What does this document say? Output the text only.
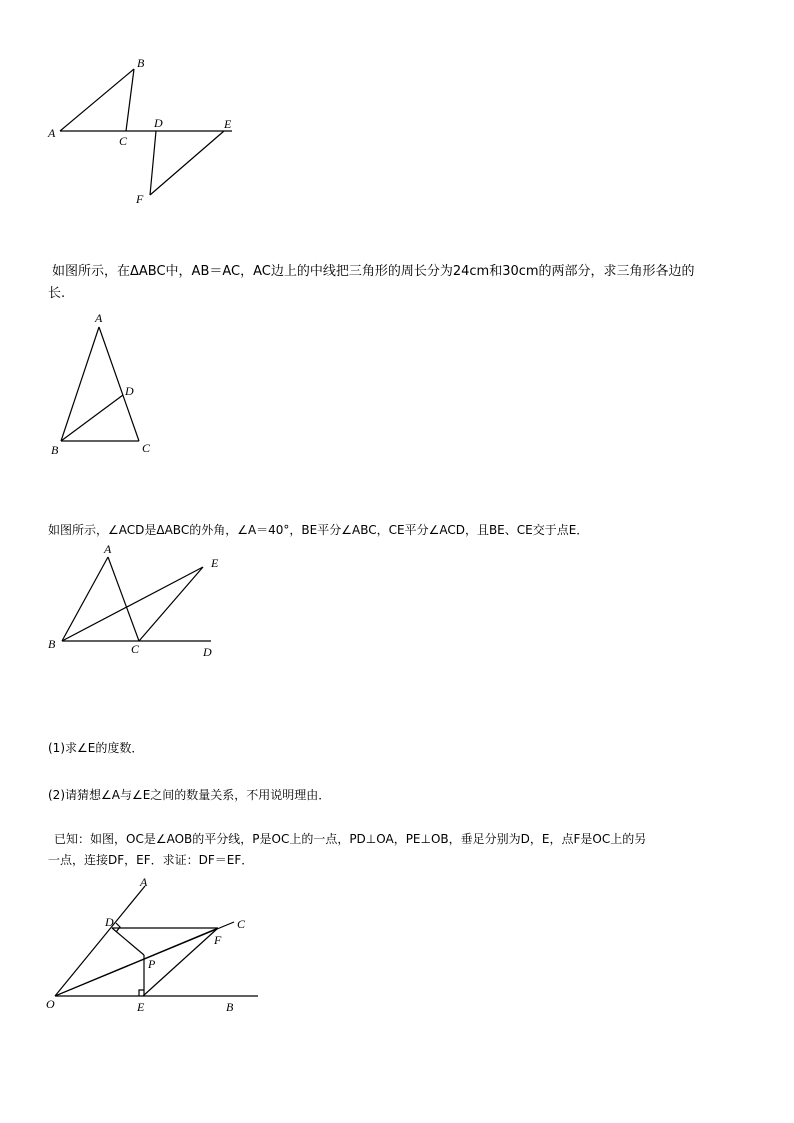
A
B
C
D	E
F
如图所示，在ΔABC中，AB＝AC，AC边上的中线把三角形的周长分为24cm和30cm的两部分，求三角形各边的
长.
A
B	C
D
如图所示，∠ACD是ΔABC的外角，∠A＝40°，BE平分∠ABC，CE平分∠ACD，且BE、CE交于点E．
A
B	C	D
E
(1)求∠E的度数．
(2)请猜想∠A与∠E之间的数量关系，不用说明理由．
已知：如图，OC是∠AOB的平分线，P是OC上的一点，PD⊥OA，PE⊥OB，垂足分别为D，E，点F是OC上的另
一点，连接DF，EF．求证：DF＝EF．
A
B
C
D
E
F
O
P
